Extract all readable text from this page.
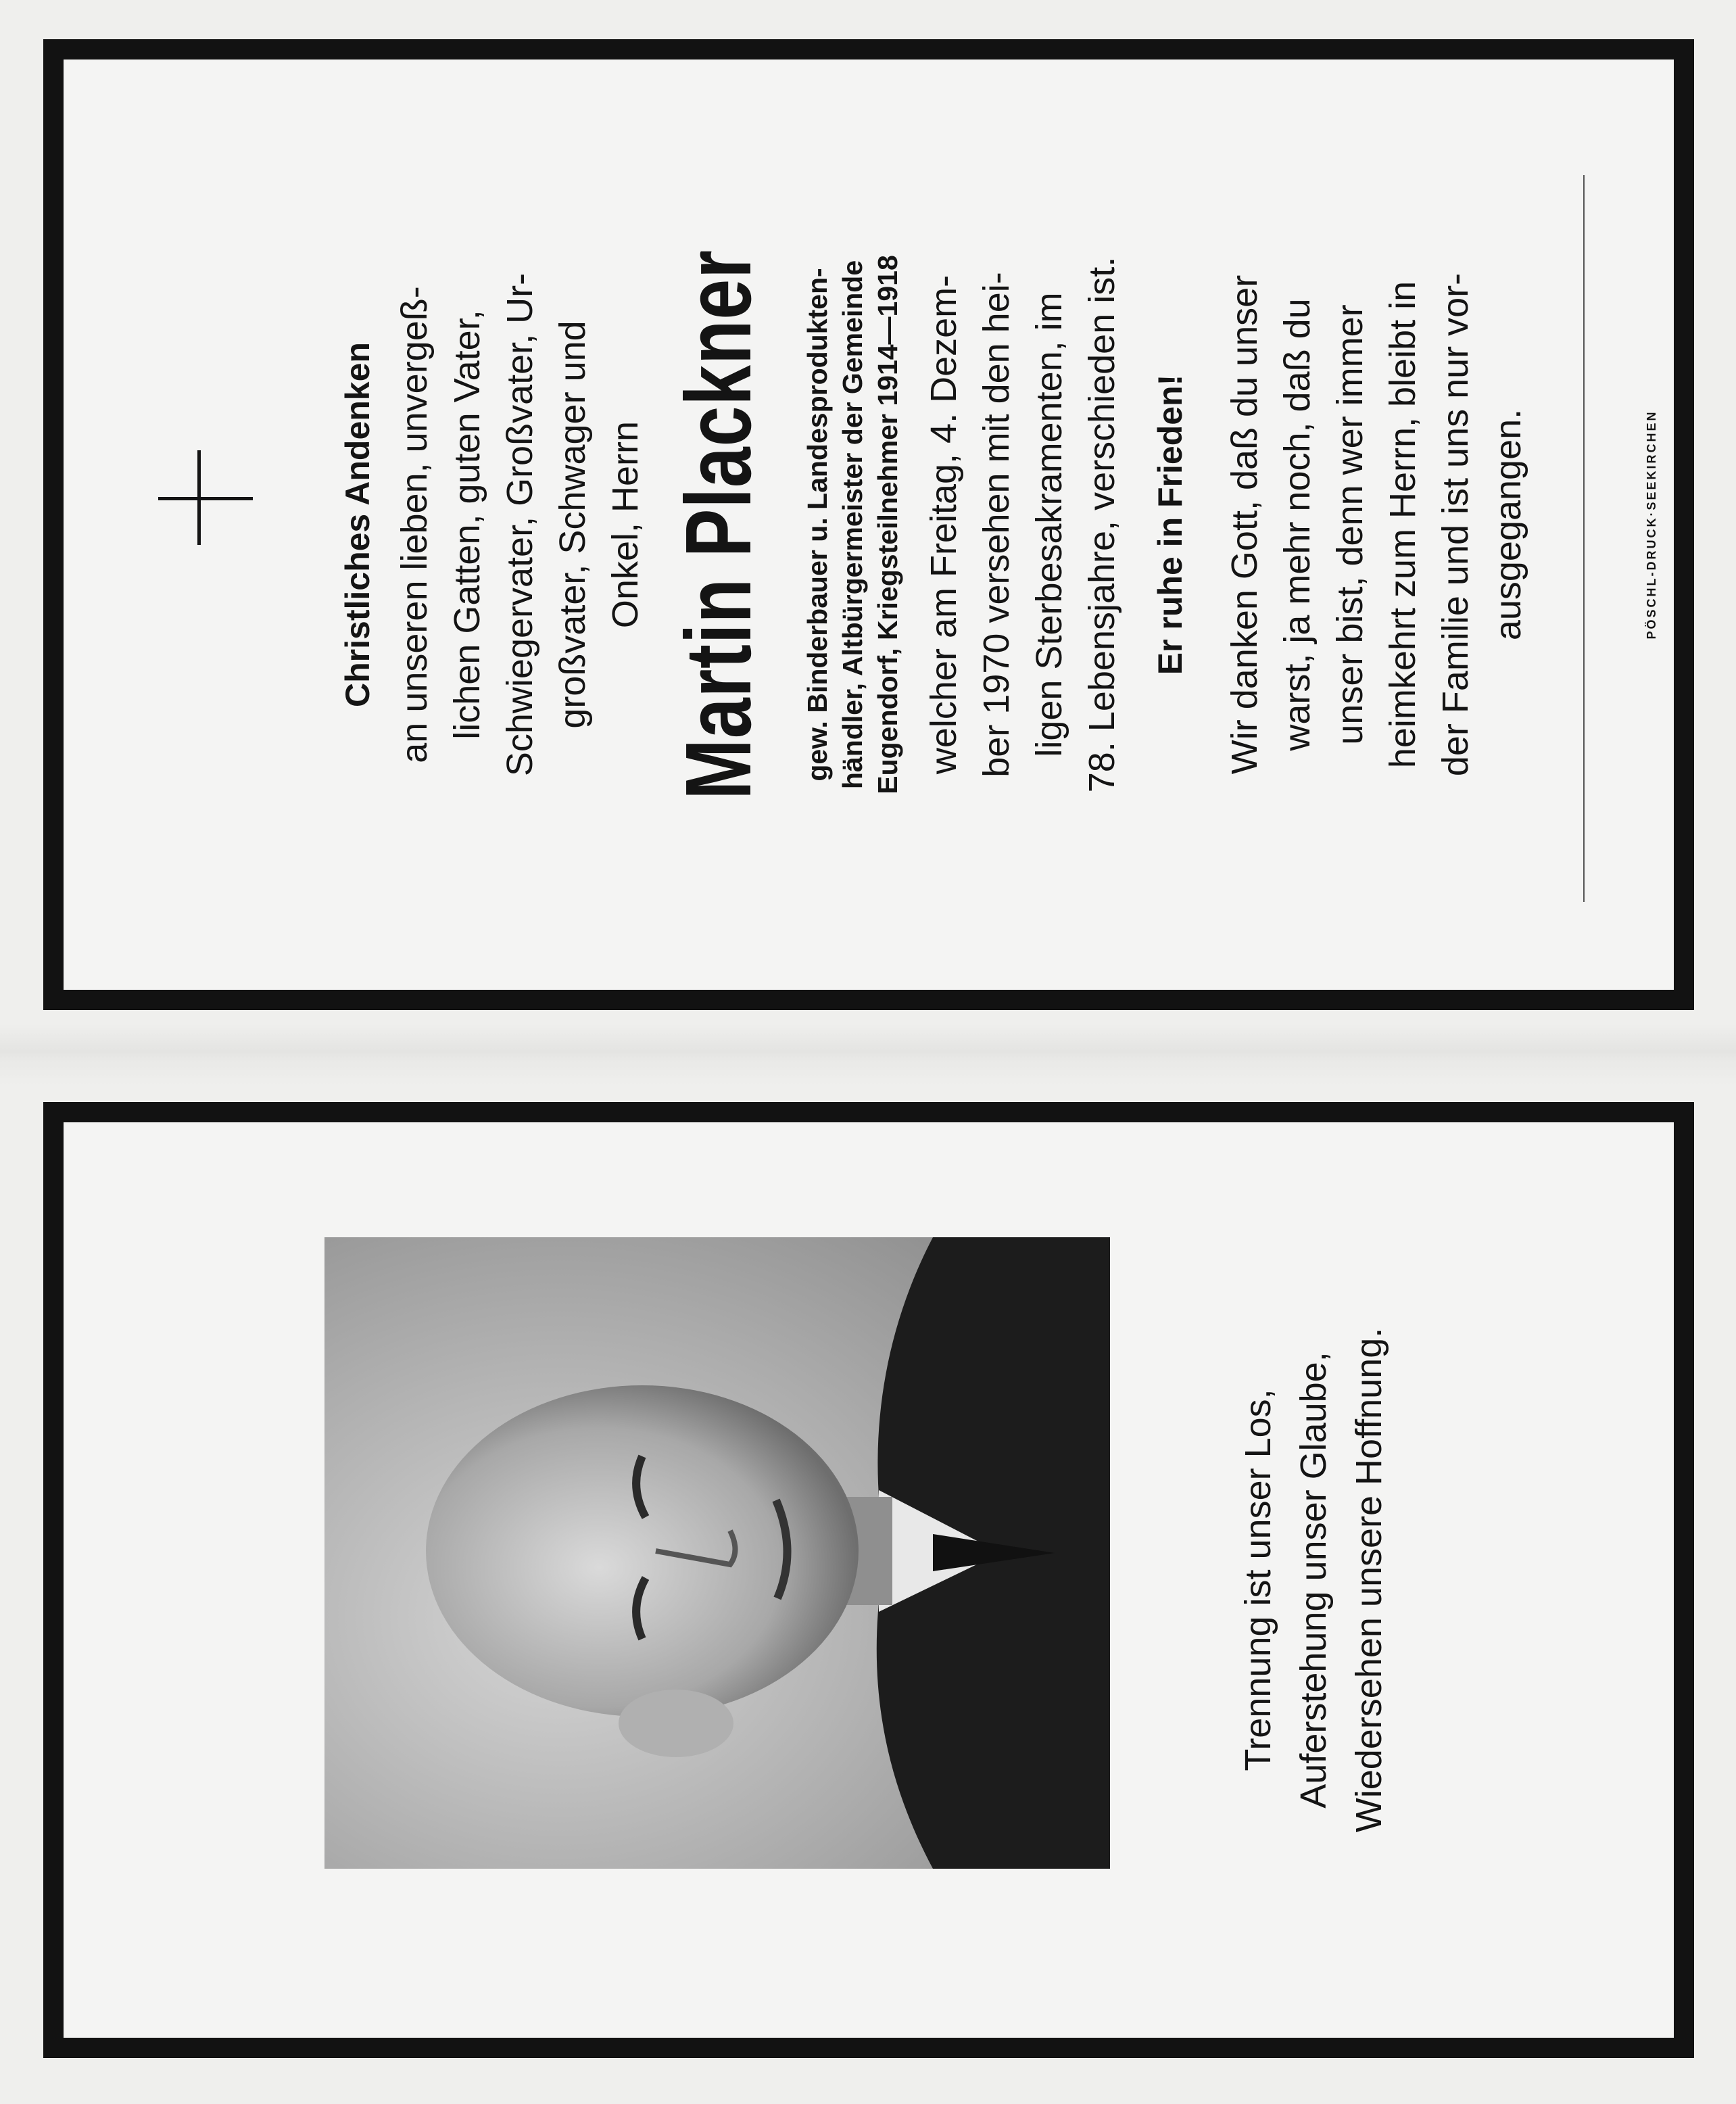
Christliches Andenken an unseren lieben, unvergeß- lichen Gatten, guten Vater, Schwiegervater, Großvater, Ur- großvater, Schwager und Onkel, Herrn Martin Plackner gew. Binderbauer u. Landesprodukten- händler, Altbürgermeister der Gemeinde Eugendorf, Kriegsteilnehmer 1914—1918 welcher am Freitag, 4. Dezem- ber 1970 versehen mit den hei- ligen Sterbesakramenten, im 78. Lebensjahre, verschieden ist. Er ruhe in Frieden! Wir danken Gott, daß du unser warst, ja mehr noch, daß du unser bist, denn wer immer heimkehrt zum Herrn, bleibt in der Familie und ist uns nur vor- ausgegangen.	PÖSCHL-DRUCK·SEEKIRCHEN
Trennung ist unser Los, Auferstehung unser Glaube, Wiedersehen unsere Hoffnung.
